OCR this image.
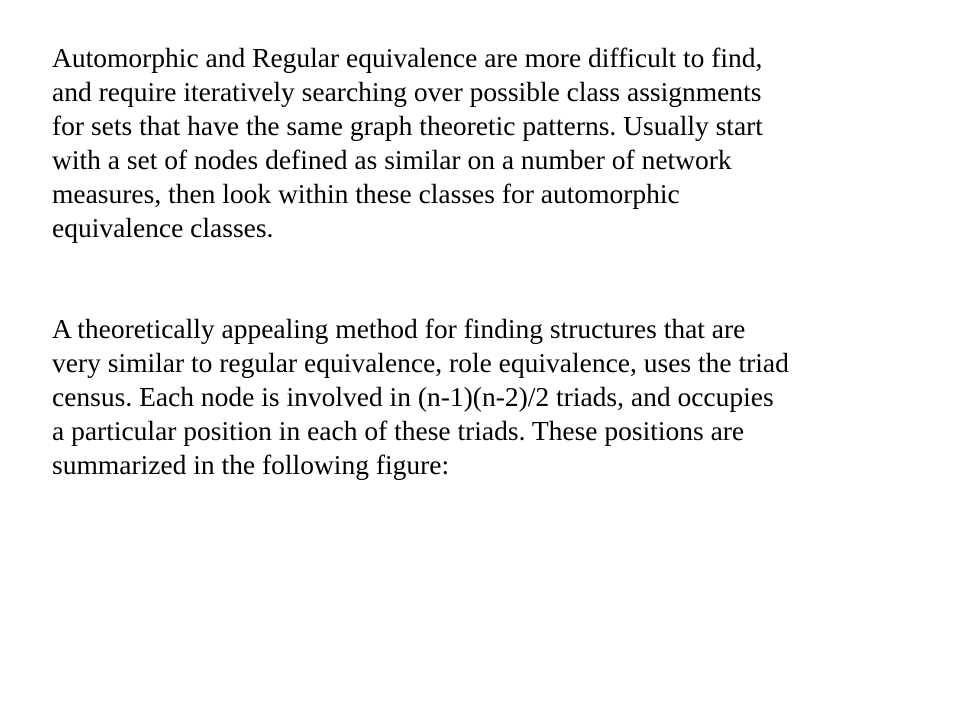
Automorphic and Regular equivalence are more difficult to find,
and require iteratively searching over possible class assignments
for sets that have the same graph theoretic patterns. Usually start
with a set of nodes defined as similar on a number of network
measures, then look within these classes for automorphic
equivalence classes.
A theoretically appealing method for finding structures that are
very similar to regular equivalence, role equivalence, uses the triad
census. Each node is involved in (n-1)(n-2)/2 triads, and occupies
a particular position in each of these triads. These positions are
summarized in the following figure:
